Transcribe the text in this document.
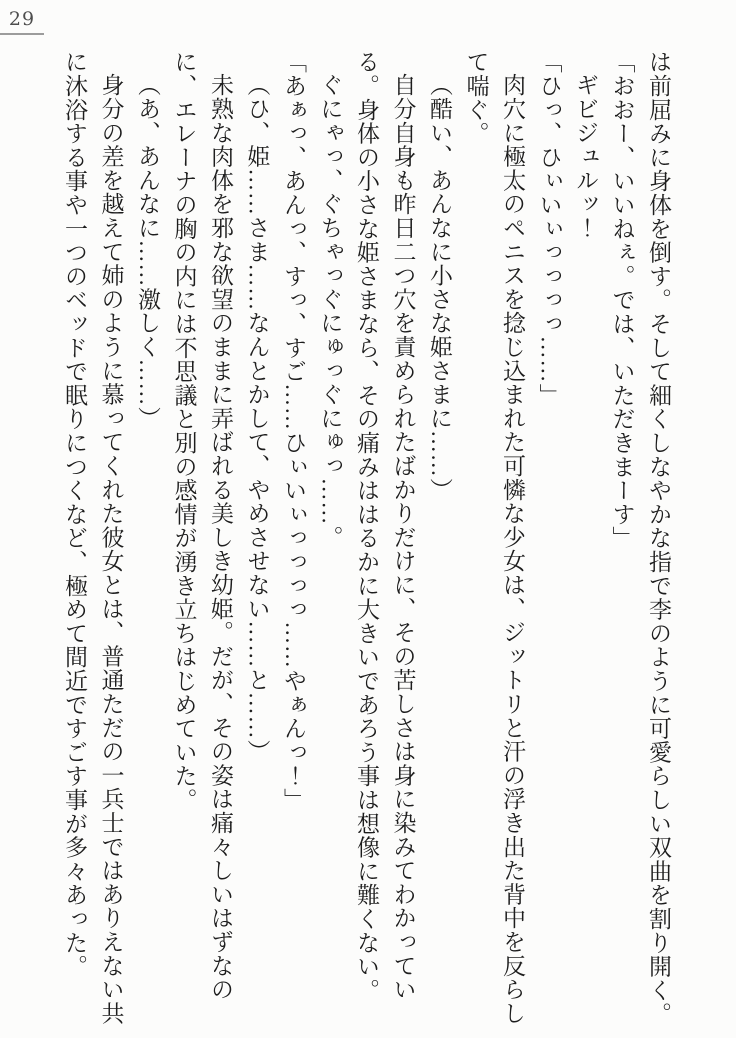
29

は前屈みに身体を倒す。そして細くしなやかな指で李のように可愛らしい双曲を割り開く。

「おおー、いいねぇ。では、いただきまーす」

ギビジュルッ！

「ひっ、ひぃいぃっっっっ……」

肉穴に極太のペニスを捻じ込まれた可憐な少女は、ジットリと汗の浮き出た背中を反らして喘ぐ。

（酷い、あんなに小さな姫さまに……）

自分自身も昨日二つ穴を責められたばかりだけに、その苦しさは身に染みてわかっている。身体の小さな姫さまなら、その痛みははるかに大きいであろう事は想像に難くない。

ぐにゃっ、ぐちゃっぐにゅっぐにゅっ……。

「あぁっ、あんっ、すっ、すご……ひぃいぃっっっっ……やぁんっ！」

（ひ、姫……さま……なんとかして、やめさせない……と……）

未熟な肉体を邪な欲望のままに弄ばれる美しき幼姫。だが、その姿は痛々しいはずなのに、エレーナの胸の内には不思議と別の感情が湧き立ちはじめていた。

（あ、あんなに……激しく……）

身分の差を越えて姉のように慕ってくれた彼女とは、普通ただの一兵士ではありえない共に沐浴する事や一つのベッドで眠りにつくなど、極めて間近ですごす事が多々あった。
